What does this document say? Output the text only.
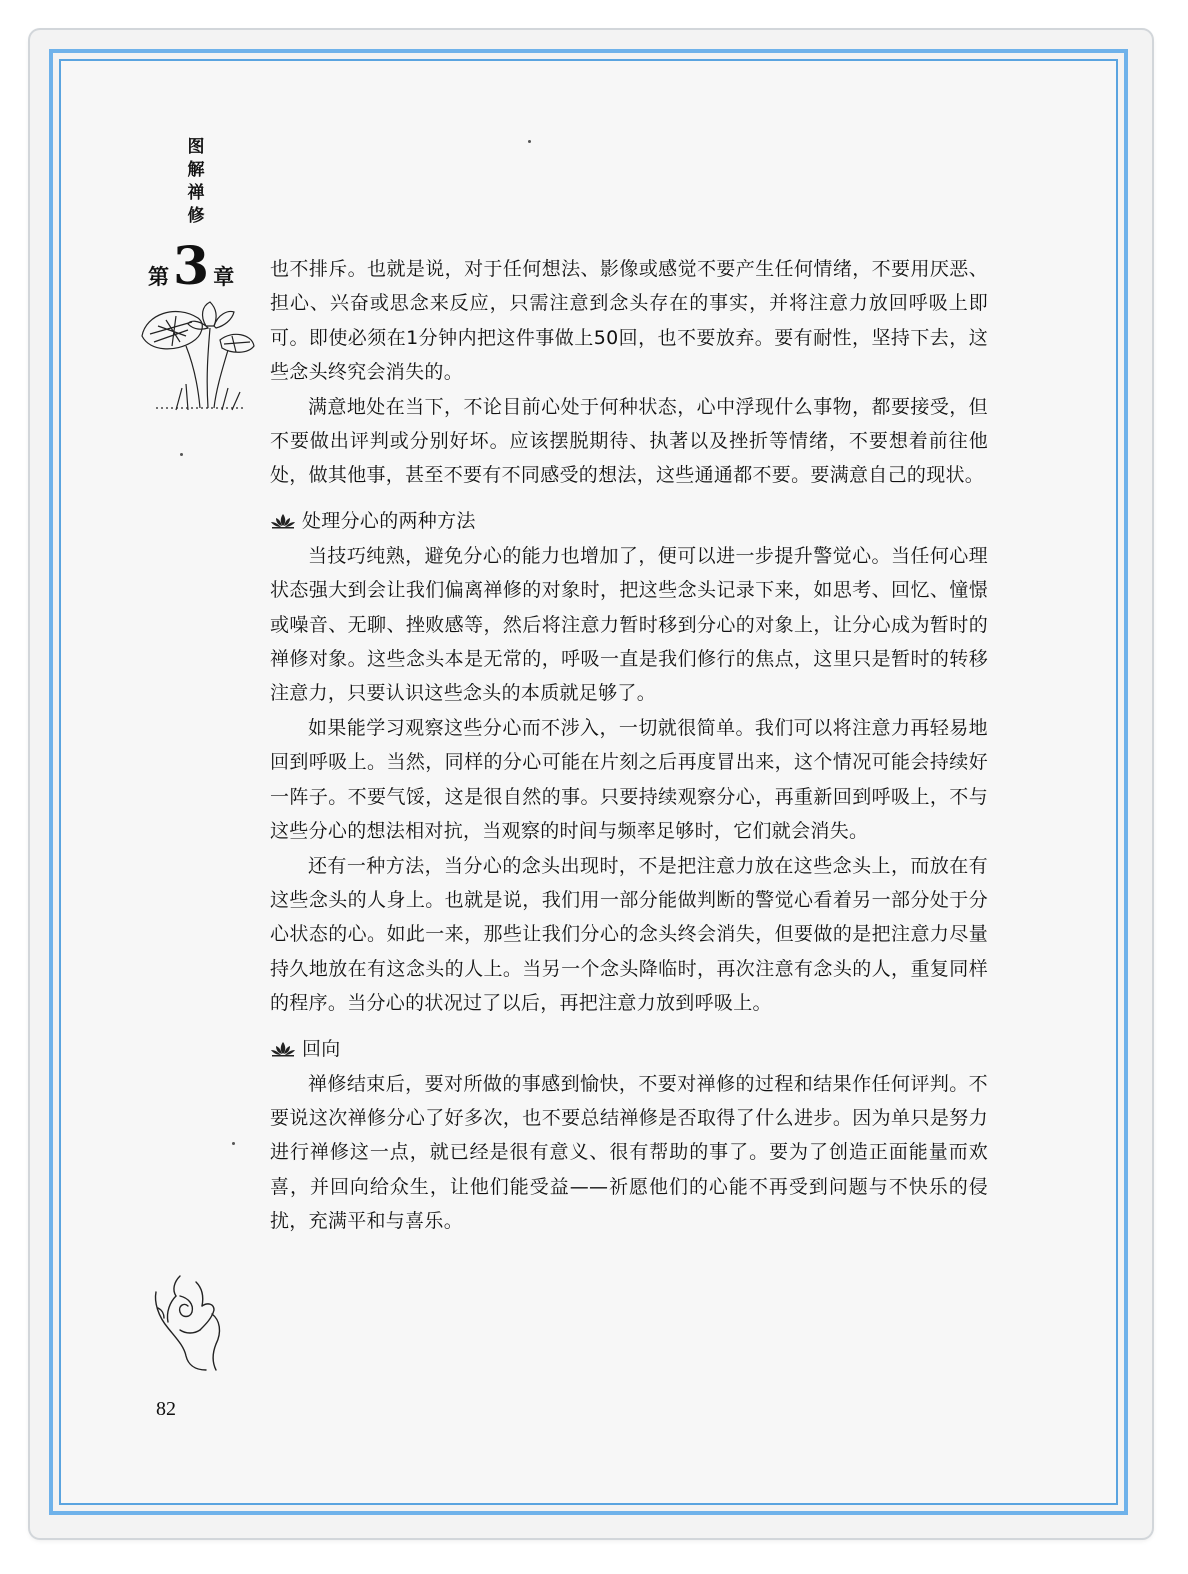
图解禅修
第3 章 也不排斥。也就是说，对于任何想法、影像或感觉不要产生任何情绪，不要用厌恶、担心、兴奋或思念来反应，只需注意到念头存在的事实，并将注意力放回呼吸上即可。即使必须在1分钟内把这件事做上50回，也不要放弃。要有耐性，坚持下去，这些念头终究会消失的。

满意地处在当下，不论目前心处于何种状态，心中浮现什么事物，都要接受，但不要做出评判或分别好坏。应该摆脱期待、执著以及挫折等情绪，不要想着前往他处，做其他事，甚至不要有不同感受的想法，这些通通都不要。要满意自己的现状。

处理分心的两种方法

当技巧纯熟，避免分心的能力也增加了，便可以进一步提升警觉心。当任何心理状态强大到会让我们偏离禅修的对象时，把这些念头记录下来，如思考、回忆、憧憬或噪音、无聊、挫败感等，然后将注意力暂时移到分心的对象上，让分心成为暂时的禅修对象。这些念头本是无常的，呼吸一直是我们修行的焦点，这里只是暂时的转移注意力，只要认识这些念头的本质就足够了。

如果能学习观察这些分心而不涉入，一切就很简单。我们可以将注意力再轻易地回到呼吸上。当然，同样的分心可能在片刻之后再度冒出来，这个情况可能会持续好一阵子。不要气馁，这是很自然的事。只要持续观察分心，再重新回到呼吸上，不与这些分心的想法相对抗，当观察的时间与频率足够时，它们就会消失。

还有一种方法，当分心的念头出现时，不是把注意力放在这些念头上，而放在有这些念头的人身上。也就是说，我们用一部分能做判断的警觉心看着另一部分处于分心状态的心。如此一来，那些让我们分心的念头终会消失，但要做的是把注意力尽量持久地放在有这念头的人上。当另一个念头降临时，再次注意有念头的人，重复同样的程序。当分心的状况过了以后，再把注意力放到呼吸上。

回向

禅修结束后，要对所做的事感到愉快，不要对禅修的过程和结果作任何评判。不要说这次禅修分心了好多次，也不要总结禅修是否取得了什么进步。因为单只是努力进行禅修这一点，就已经是很有意义、很有帮助的事了。要为了创造正面能量而欢喜，并回向给众生，让他们能受益——祈愿他们的心能不再受到问题与不快乐的侵扰，充满平和与喜乐。

82
